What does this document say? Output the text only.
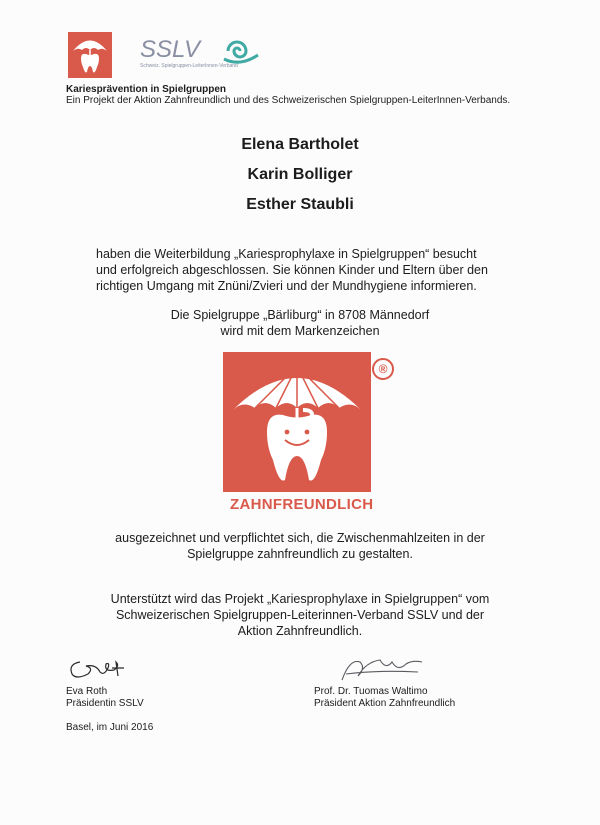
SSLV
Schweiz. Spielgruppen-LeiterInnen-Verband
Kariesprävention in Spielgruppen
Ein Projekt der Aktion Zahnfreundlich und des Schweizerischen Spielgruppen-LeiterInnen-Verbands.
Elena Bartholet
Karin Bolliger
Esther Staubli
haben die Weiterbildung „Kariesprophylaxe in Spielgruppen“ besucht
und erfolgreich abgeschlossen. Sie können Kinder und Eltern über den
richtigen Umgang mit Znüni/Zvieri und der Mundhygiene informieren.
Die Spielgruppe „Bärliburg“ in 8708 Männedorf
wird mit dem Markenzeichen
®
ZAHNFREUNDLICH
ausgezeichnet und verpflichtet sich, die Zwischenmahlzeiten in der
Spielgruppe zahnfreundlich zu gestalten.
Unterstützt wird das Projekt „Kariesprophylaxe in Spielgruppen“ vom
Schweizerischen Spielgruppen-Leiterinnen-Verband SSLV und der
Aktion Zahnfreundlich.
Eva Roth
Präsidentin SSLV
Prof. Dr. Tuomas Waltimo
Präsident Aktion Zahnfreundlich
Basel, im Juni 2016
